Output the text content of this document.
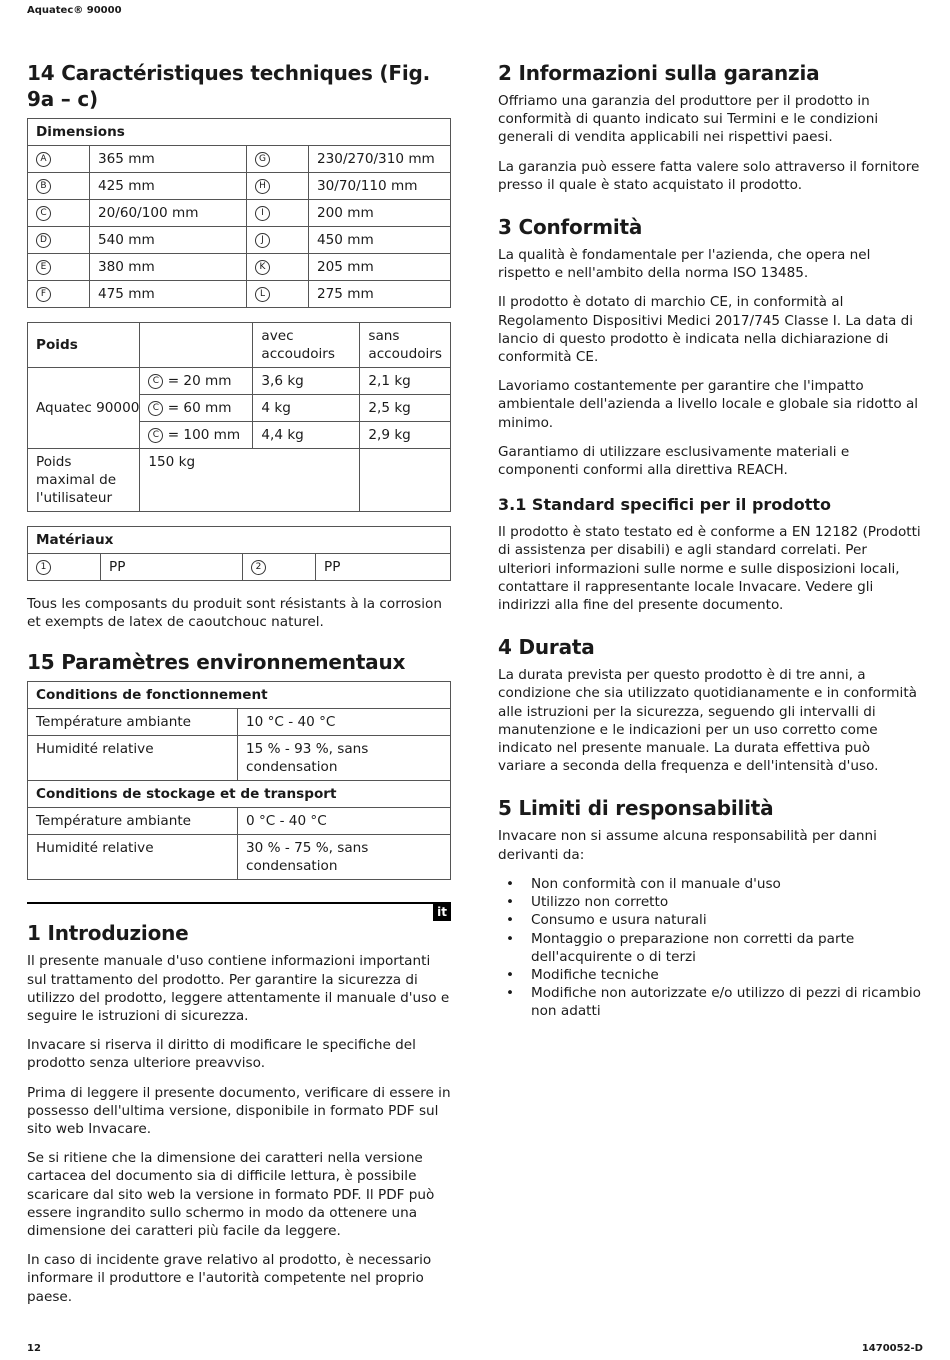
Aquatec® 90000
14 Caractéristiques techniques (Fig. 9a – c)
Dimensions			
A	365 mm	G	230/270/310 mm
B	425 mm	H	30/70/110 mm
C	20/60/100 mm	I	200 mm
D	540 mm	J	450 mm
E	380 mm	K	205 mm
F	475 mm	L	275 mm
Poids		avec accoudoirs	sans accoudoirs
Aquatec 90000	C = 20 mm	3,6 kg	2,1 kg
	C = 60 mm	4 kg	2,5 kg
	C = 100 mm	4,4 kg	2,9 kg
Poids maximal de l'utilisateur	150 kg		
Matériaux
1	PP	2	PP

Tous les composants du produit sont résistants à la corrosion et exempts de latex de caoutchouc naturel.

15 Paramètres environnementaux
Conditions de fonctionnement	
Température ambiante	10 °C - 40 °C
Humidité relative	15 % - 93 %, sans condensation
Conditions de stockage et de transport	
Température ambiante	0 °C - 40 °C
Humidité relative	30 % - 75 %, sans condensation
it
1 Introduzione

Il presente manuale d'uso contiene informazioni importanti sul trattamento del prodotto. Per garantire la sicurezza di utilizzo del prodotto, leggere attentamente il manuale d'uso e seguire le istruzioni di sicurezza.

Invacare si riserva il diritto di modificare le specifiche del prodotto senza ulteriore preavviso.

Prima di leggere il presente documento, verificare di essere in possesso dell'ultima versione, disponibile in formato PDF sul sito web Invacare.

Se si ritiene che la dimensione dei caratteri nella versione cartacea del documento sia di difficile lettura, è possibile scaricare dal sito web la versione in formato PDF. Il PDF può essere ingrandito sullo schermo in modo da ottenere una dimensione dei caratteri più facile da leggere.

In caso di incidente grave relativo al prodotto, è necessario informare il produttore e l'autorità competente nel proprio paese.

2 Informazioni sulla garanzia

Offriamo una garanzia del produttore per il prodotto in conformità di quanto indicato sui Termini e le condizioni generali di vendita applicabili nei rispettivi paesi.

La garanzia può essere fatta valere solo attraverso il fornitore presso il quale è stato acquistato il prodotto.

3 Conformità

La qualità è fondamentale per l'azienda, che opera nel rispetto e nell'ambito della norma ISO 13485.

Il prodotto è dotato di marchio CE, in conformità al Regolamento Dispositivi Medici 2017/745 Classe I. La data di lancio di questo prodotto è indicata nella dichiarazione di conformità CE.

Lavoriamo costantemente per garantire che l'impatto ambientale dell'azienda a livello locale e globale sia ridotto al minimo.

Garantiamo di utilizzare esclusivamente materiali e componenti conformi alla direttiva REACH.

3.1 Standard specifici per il prodotto

Il prodotto è stato testato ed è conforme a EN 12182 (Prodotti di assistenza per disabili) e agli standard correlati. Per ulteriori informazioni sulle norme e sulle disposizioni locali, contattare il rappresentante locale Invacare. Vedere gli indirizzi alla fine del presente documento.

4 Durata

La durata prevista per questo prodotto è di tre anni, a condizione che sia utilizzato quotidianamente e in conformità alle istruzioni per la sicurezza, seguendo gli intervalli di manutenzione e le indicazioni per un uso corretto come indicato nel presente manuale. La durata effettiva può variare a seconda della frequenza e dell'intensità d'uso.

5 Limiti di responsabilità

Invacare non si assume alcuna responsabilità per danni derivanti da:

• Non conformità con il manuale d'uso
• Utilizzo non corretto
• Consumo e usura naturali
• Montaggio o preparazione non corretti da parte dell'acquirente o di terzi
• Modifiche tecniche
• Modifiche non autorizzate e/o utilizzo di pezzi di ricambio non adatti
12	1470052-D
